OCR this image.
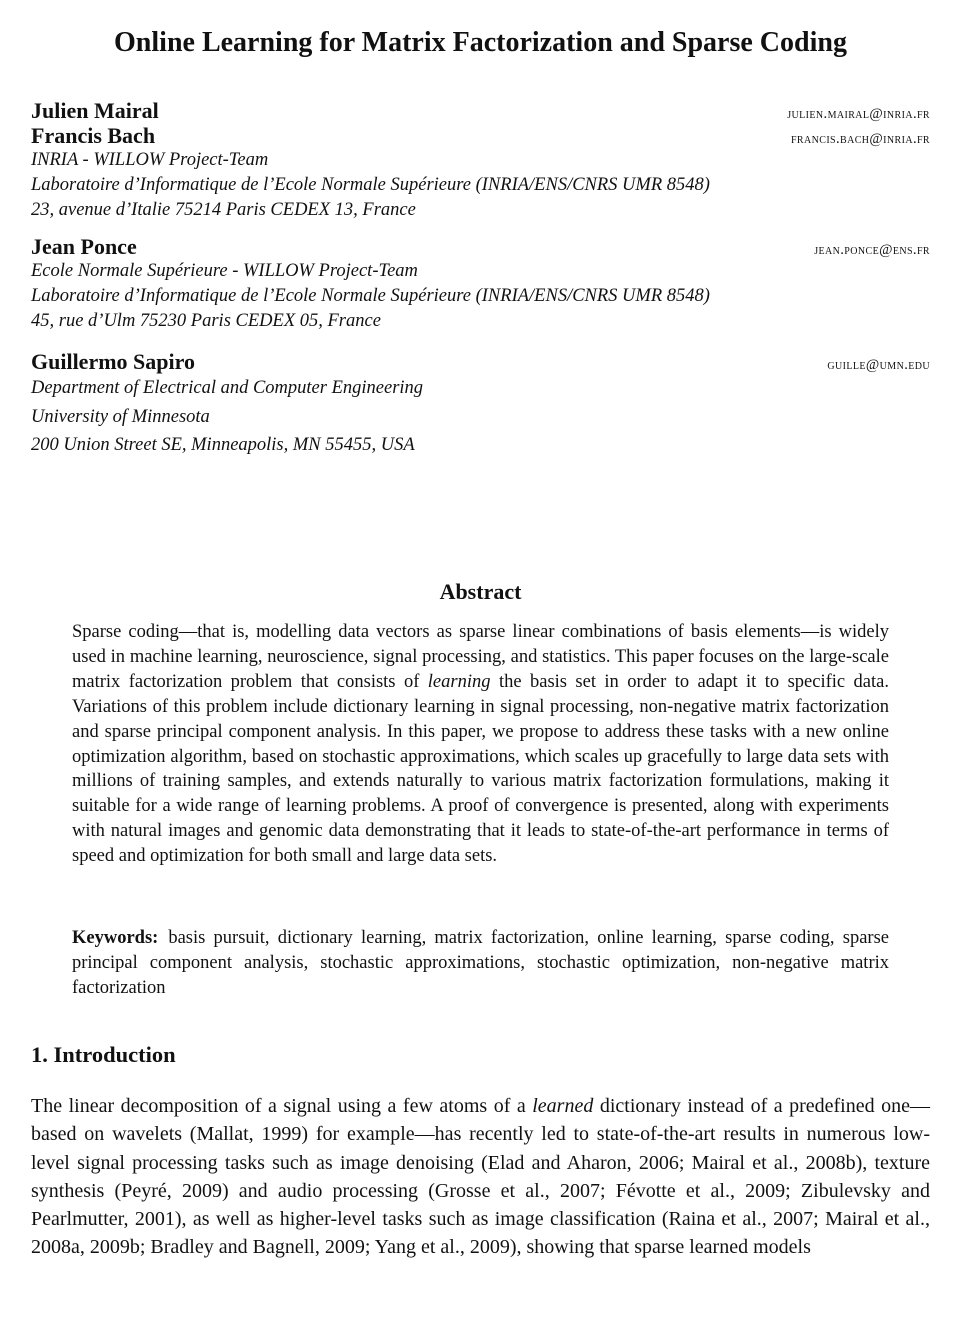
Online Learning for Matrix Factorization and Sparse Coding
Julien Mairal	julien.mairal@inria.fr
Francis Bach	francis.bach@inria.fr
INRIA - WILLOW Project-Team
Laboratoire d’Informatique de l’Ecole Normale Supérieure (INRIA/ENS/CNRS UMR 8548)
23, avenue d’Italie 75214 Paris CEDEX 13, France
Jean Ponce	jean.ponce@ens.fr
Ecole Normale Supérieure - WILLOW Project-Team
Laboratoire d’Informatique de l’Ecole Normale Supérieure (INRIA/ENS/CNRS UMR 8548)
45, rue d’Ulm 75230 Paris CEDEX 05, France
Guillermo Sapiro	guille@umn.edu
Department of Electrical and Computer Engineering
University of Minnesota
200 Union Street SE, Minneapolis, MN 55455, USA
Abstract

Sparse coding—that is, modelling data vectors as sparse linear combinations of basis elements—is widely used in machine learning, neuroscience, signal processing, and statistics. This paper focuses on the large-scale matrix factorization problem that consists of learning the basis set in order to adapt it to specific data. Variations of this problem include dictionary learning in signal processing, non-negative matrix factorization and sparse principal component analysis. In this paper, we propose to address these tasks with a new online optimization algorithm, based on stochastic approximations, which scales up gracefully to large data sets with millions of training samples, and extends naturally to various matrix factorization formulations, making it suitable for a wide range of learning problems. A proof of convergence is presented, along with experiments with natural images and genomic data demonstrating that it leads to state-of-the-art performance in terms of speed and optimization for both small and large data sets.

Keywords: basis pursuit, dictionary learning, matrix factorization, online learning, sparse coding, sparse principal component analysis, stochastic approximations, stochastic optimization, non-negative matrix factorization

1. Introduction

The linear decomposition of a signal using a few atoms of a learned dictionary instead of a predefined one—based on wavelets (Mallat, 1999) for example—has recently led to state-of-the-art results in numerous low-level signal processing tasks such as image denoising (Elad and Aharon, 2006; Mairal et al., 2008b), texture synthesis (Peyré, 2009) and audio processing (Grosse et al., 2007; Févotte et al., 2009; Zibulevsky and Pearlmutter, 2001), as well as higher-level tasks such as image classification (Raina et al., 2007; Mairal et al., 2008a, 2009b; Bradley and Bagnell, 2009; Yang et al., 2009), showing that sparse learned models
